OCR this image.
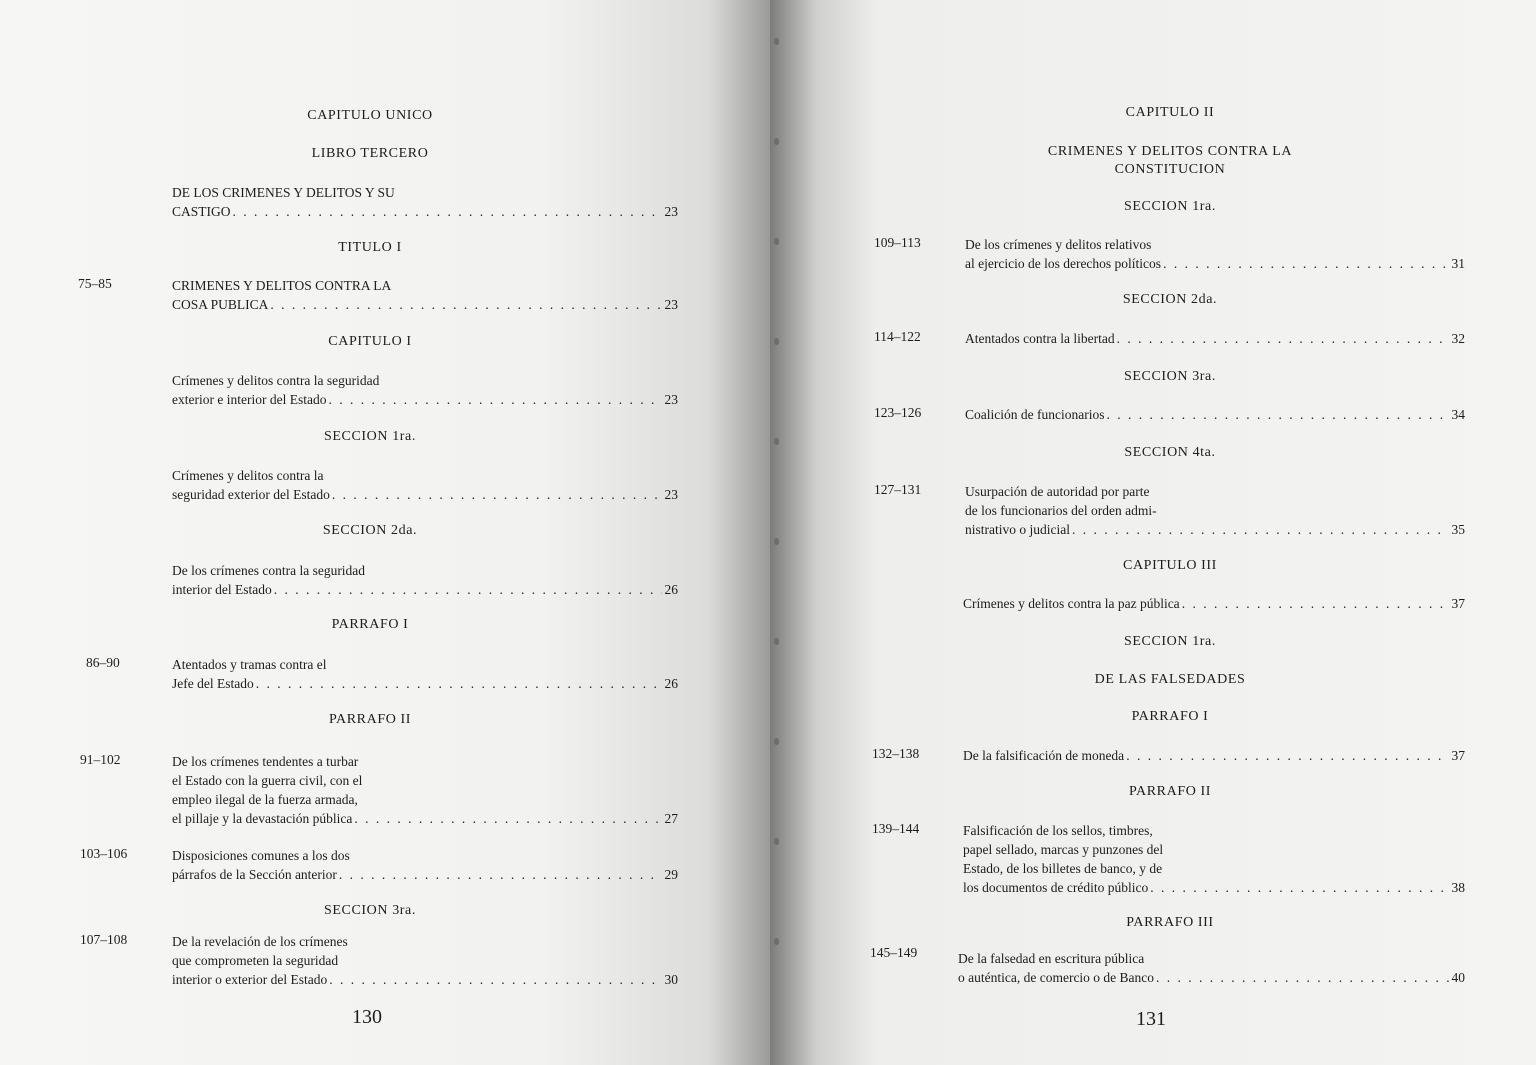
CAPITULO UNICO
LIBRO TERCERO
DE LOS CRIMENES Y DELITOS Y SU
CASTIGO . . .	23
TITULO I
75–85	CRIMENES Y DELITOS CONTRA LA
COSA PUBLICA . . .	23
CAPITULO I
Crímenes y delitos contra la seguridad
exterior e interior del Estado . . .	23
SECCION 1ra.
Crímenes y delitos contra la
seguridad exterior del Estado . . .	23
SECCION 2da.
De los crímenes contra la seguridad
interior del Estado . . .	26
PARRAFO I
86–90	Atentados y tramas contra el
Jefe del Estado . . .	26
PARRAFO II
91–102	De los crímenes tendentes a turbar
el Estado con la guerra civil, con el
empleo ilegal de la fuerza armada,
el pillaje y la devastación pública . . .	27
103–106	Disposiciones comunes a los dos
párrafos de la Sección anterior . . .	29
SECCION 3ra.
107–108	De la revelación de los crímenes
que comprometen la seguridad
interior o exterior del Estado . . .	30
130
CAPITULO II
CRIMENES Y DELITOS CONTRA LA
CONSTITUCION
SECCION 1ra.
109–113	De los crímenes y delitos relativos
al ejercicio de los derechos políticos . . .	31
SECCION 2da.
114–122	Atentados contra la libertad . . .	32
SECCION 3ra.
123–126	Coalición de funcionarios . . .	34
SECCION 4ta.
127–131	Usurpación de autoridad por parte
de los funcionarios del orden admi-
nistrativo o judicial . . .	35
CAPITULO III
Crímenes y delitos contra la paz pública . . .	37
SECCION 1ra.
DE LAS FALSEDADES
PARRAFO I
132–138	De la falsificación de moneda . . .	37
PARRAFO II
139–144	Falsificación de los sellos, timbres,
papel sellado, marcas y punzones del
Estado, de los billetes de banco, y de
los documentos de crédito público . . .	38
PARRAFO III
145–149	De la falsedad en escritura pública
o auténtica, de comercio o de Banco . . .	40
131
